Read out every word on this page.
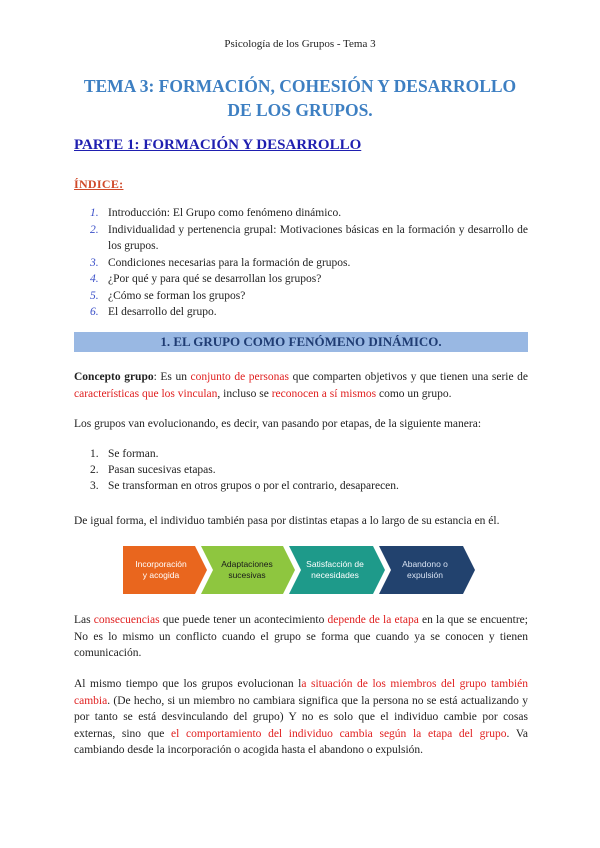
Psicología de los Grupos - Tema 3
TEMA 3: FORMACIÓN, COHESIÓN Y DESARROLLO
DE LOS GRUPOS.
PARTE 1: FORMACIÓN Y DESARROLLO
ÍNDICE:
1. Introducción: El Grupo como fenómeno dinámico.
2. Individualidad y pertenencia grupal: Motivaciones básicas en la formación y desarrollo de los grupos.
3. Condiciones necesarias para la formación de grupos.
4. ¿Por qué y para qué se desarrollan los grupos?
5. ¿Cómo se forman los grupos?
6. El desarrollo del grupo.
1. EL GRUPO COMO FENÓMENO DINÁMICO.
Concepto grupo: Es un conjunto de personas que comparten objetivos y que tienen una serie de características que los vinculan, incluso se reconocen a sí mismos como un grupo.
Los grupos van evolucionando, es decir, van pasando por etapas, de la siguiente manera:
1. Se forman.
2. Pasan sucesivas etapas.
3. Se transforman en otros grupos o por el contrario, desaparecen.
De igual forma, el individuo también pasa por distintas etapas a lo largo de su estancia en él.
Incorporación
y acogida
Adaptaciones
sucesivas
Satisfacción de
necesidades
Abandono o
expulsión
Las consecuencias que puede tener un acontecimiento depende de la etapa en la que se encuentre; No es lo mismo un conflicto cuando el grupo se forma que cuando ya se conocen y tienen comunicación.
Al mismo tiempo que los grupos evolucionan la situación de los miembros del grupo también cambia. (De hecho, si un miembro no cambiara significa que la persona no se está actualizando y por tanto se está desvinculando del grupo) Y no es solo que el individuo cambie por cosas externas, sino que el comportamiento del individuo cambia según la etapa del grupo. Va cambiando desde la incorporación o acogida hasta el abandono o expulsión.
